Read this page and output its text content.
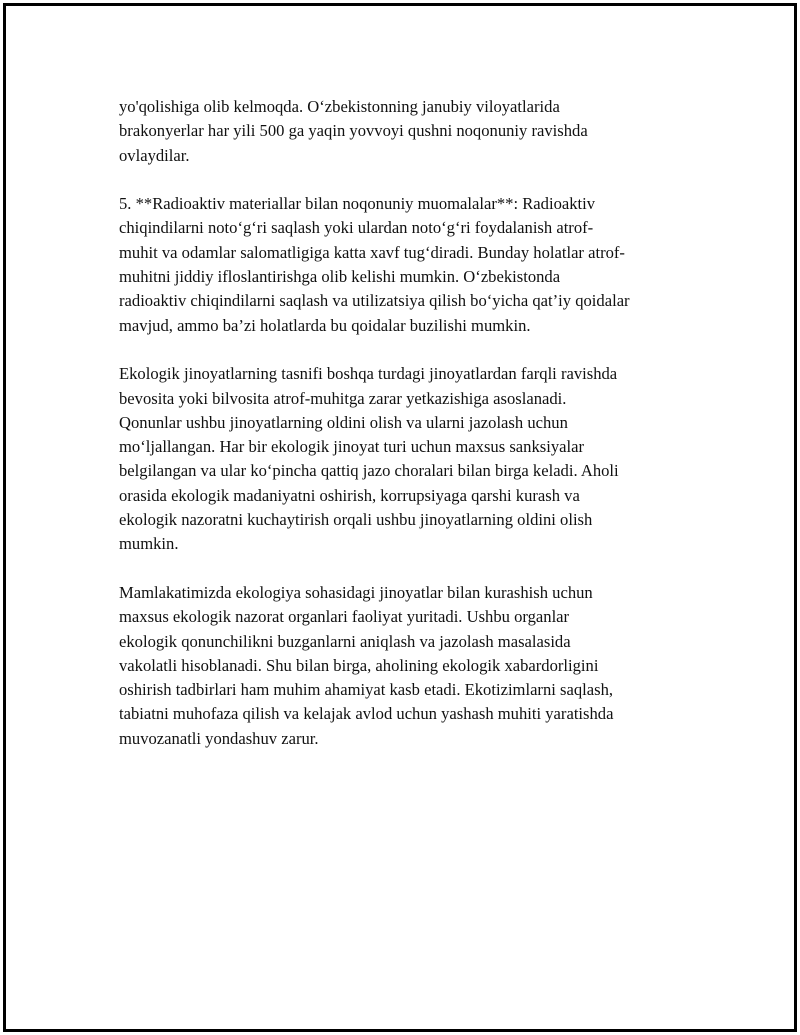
yo'qolishiga olib kelmoqda. O‘zbekistonning janubiy viloyatlarida
brakonyerlar har yili 500 ga yaqin yovvoyi qushni noqonuniy ravishda
ovlaydilar.

5. **Radioaktiv materiallar bilan noqonuniy muomalalar**: Radioaktiv
chiqindilarni noto‘g‘ri saqlash yoki ulardan noto‘g‘ri foydalanish atrof-
muhit va odamlar salomatligiga katta xavf tug‘diradi. Bunday holatlar atrof-
muhitni jiddiy ifloslantirishga olib kelishi mumkin. O‘zbekistonda
radioaktiv chiqindilarni saqlash va utilizatsiya qilish bo‘yicha qat’iy qoidalar
mavjud, ammo ba’zi holatlarda bu qoidalar buzilishi mumkin.

Ekologik jinoyatlarning tasnifi boshqa turdagi jinoyatlardan farqli ravishda
bevosita yoki bilvosita atrof-muhitga zarar yetkazishiga asoslanadi.
Qonunlar ushbu jinoyatlarning oldini olish va ularni jazolash uchun
mo‘ljallangan. Har bir ekologik jinoyat turi uchun maxsus sanksiyalar
belgilangan va ular ko‘pincha qattiq jazo choralari bilan birga keladi. Aholi
orasida ekologik madaniyatni oshirish, korrupsiyaga qarshi kurash va
ekologik nazoratni kuchaytirish orqali ushbu jinoyatlarning oldini olish
mumkin.

Mamlakatimizda ekologiya sohasidagi jinoyatlar bilan kurashish uchun
maxsus ekologik nazorat organlari faoliyat yuritadi. Ushbu organlar
ekologik qonunchilikni buzganlarni aniqlash va jazolash masalasida
vakolatli hisoblanadi. Shu bilan birga, aholining ekologik xabardorligini
oshirish tadbirlari ham muhim ahamiyat kasb etadi. Ekotizimlarni saqlash,
tabiatni muhofaza qilish va kelajak avlod uchun yashash muhiti yaratishda
muvozanatli yondashuv zarur.
